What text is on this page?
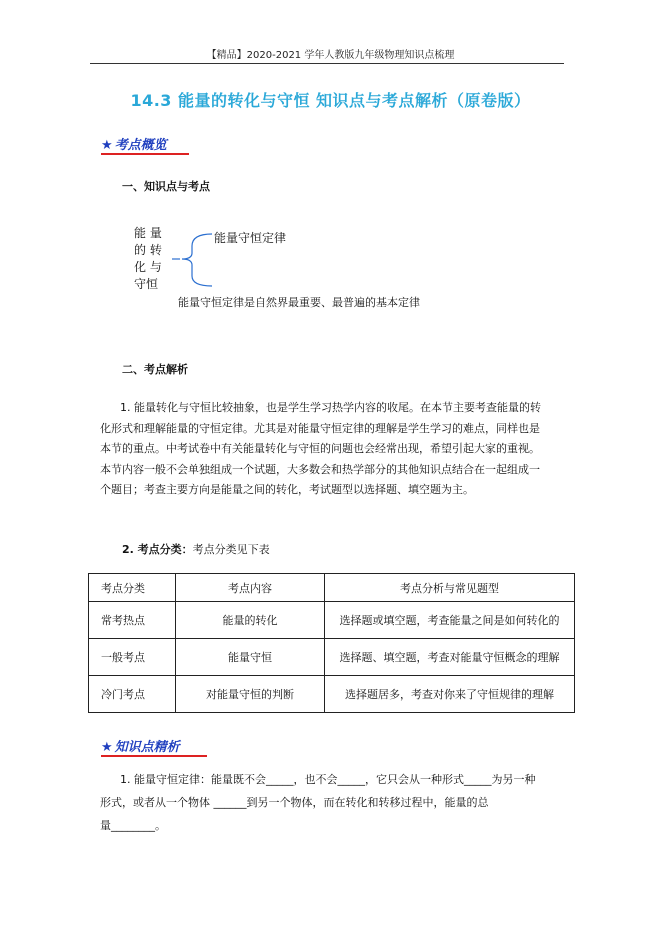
【精品】2020-2021 学年人教版九年级物理知识点梳理
14.3 能量的转化与守恒 知识点与考点解析（原卷版）
★ 考点概览
一、知识点与考点
能 量
的 转
化 与
守恒
能量守恒定律
能量守恒定律是自然界最重要、最普遍的基本定律
二、考点解析
1. 能量转化与守恒比较抽象，也是学生学习热学内容的收尾。在本节主要考查能量的转
化形式和理解能量的守恒定律。尤其是对能量守恒定律的理解是学生学习的难点，同样也是
本节的重点。中考试卷中有关能量转化与守恒的问题也会经常出现，希望引起大家的重视。
本节内容一般不会单独组成一个试题，大多数会和热学部分的其他知识点结合在一起组成一
个题目；考查主要方向是能量之间的转化，考试题型以选择题、填空题为主。
2. 考点分类：考点分类见下表
考点分类	考点内容	考点分析与常见题型
常考热点	能量的转化	选择题或填空题，考查能量之间是如何转化的
一般考点	能量守恒	选择题、填空题，考查对能量守恒概念的理解
冷门考点	对能量守恒的判断	选择题居多，考查对你来了守恒规律的理解
★ 知识点精析
1. 能量守恒定律：能量既不会_____，也不会_____，它只会从一种形式_____为另一种
形式，或者从一个物体 ______到另一个物体，而在转化和转移过程中，能量的总
量________。
